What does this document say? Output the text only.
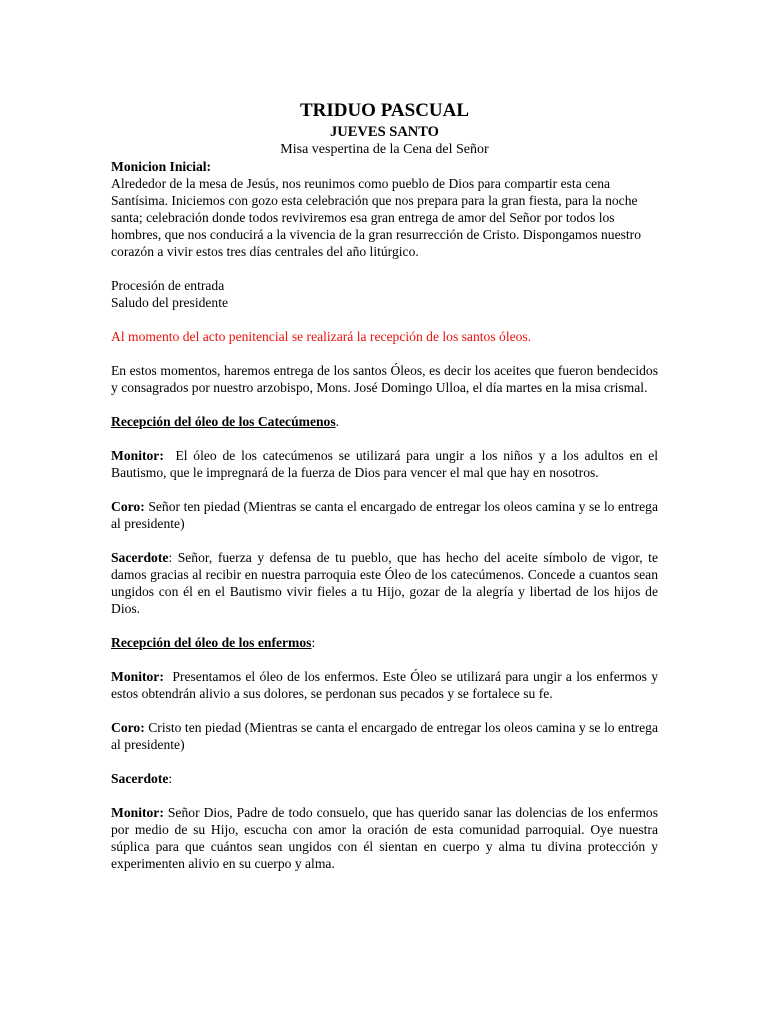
TRIDUO PASCUAL
JUEVES SANTO

Misa vespertina de la Cena del Señor

Monicion Inicial:

Alrededor de la mesa de Jesús, nos reunimos como pueblo de Dios para compartir esta cena Santísima. Iniciemos con gozo esta celebración que nos prepara para la gran fiesta, para la noche santa; celebración donde todos reviviremos esa gran entrega de amor del Señor por todos los hombres, que nos conducirá a la vivencia de la gran resurrección de Cristo. Dispongamos nuestro corazón a vivir estos tres días centrales del año litúrgico.

Procesión de entrada

Saludo del presidente

Al momento del acto penitencial se realizará la recepción de los santos óleos.

En estos momentos, haremos entrega de los santos Óleos, es decir los aceites que fueron bendecidos y consagrados por nuestro arzobispo, Mons. José Domingo Ulloa, el día martes en la misa crismal.

Recepción del óleo de los Catecúmenos.

Monitor: El óleo de los catecúmenos se utilizará para ungir a los niños y a los adultos en el Bautismo, que le impregnará de la fuerza de Dios para vencer el mal que hay en nosotros.

Coro: Señor ten piedad (Mientras se canta el encargado de entregar los oleos camina y se lo entrega al presidente)

Sacerdote: Señor, fuerza y defensa de tu pueblo, que has hecho del aceite símbolo de vigor, te damos gracias al recibir en nuestra parroquia este Óleo de los catecúmenos. Concede a cuantos sean ungidos con él en el Bautismo vivir fieles a tu Hijo, gozar de la alegría y libertad de los hijos de Dios.

Recepción del óleo de los enfermos:

Monitor: Presentamos el óleo de los enfermos. Este Óleo se utilizará para ungir a los enfermos y estos obtendrán alivio a sus dolores, se perdonan sus pecados y se fortalece su fe.

Coro: Cristo ten piedad (Mientras se canta el encargado de entregar los oleos camina y se lo entrega al presidente)

Sacerdote:

Monitor: Señor Dios, Padre de todo consuelo, que has querido sanar las dolencias de los enfermos por medio de su Hijo, escucha con amor la oración de esta comunidad parroquial. Oye nuestra súplica para que cuántos sean ungidos con él sientan en cuerpo y alma tu divina protección y experimenten alivio en su cuerpo y alma.
